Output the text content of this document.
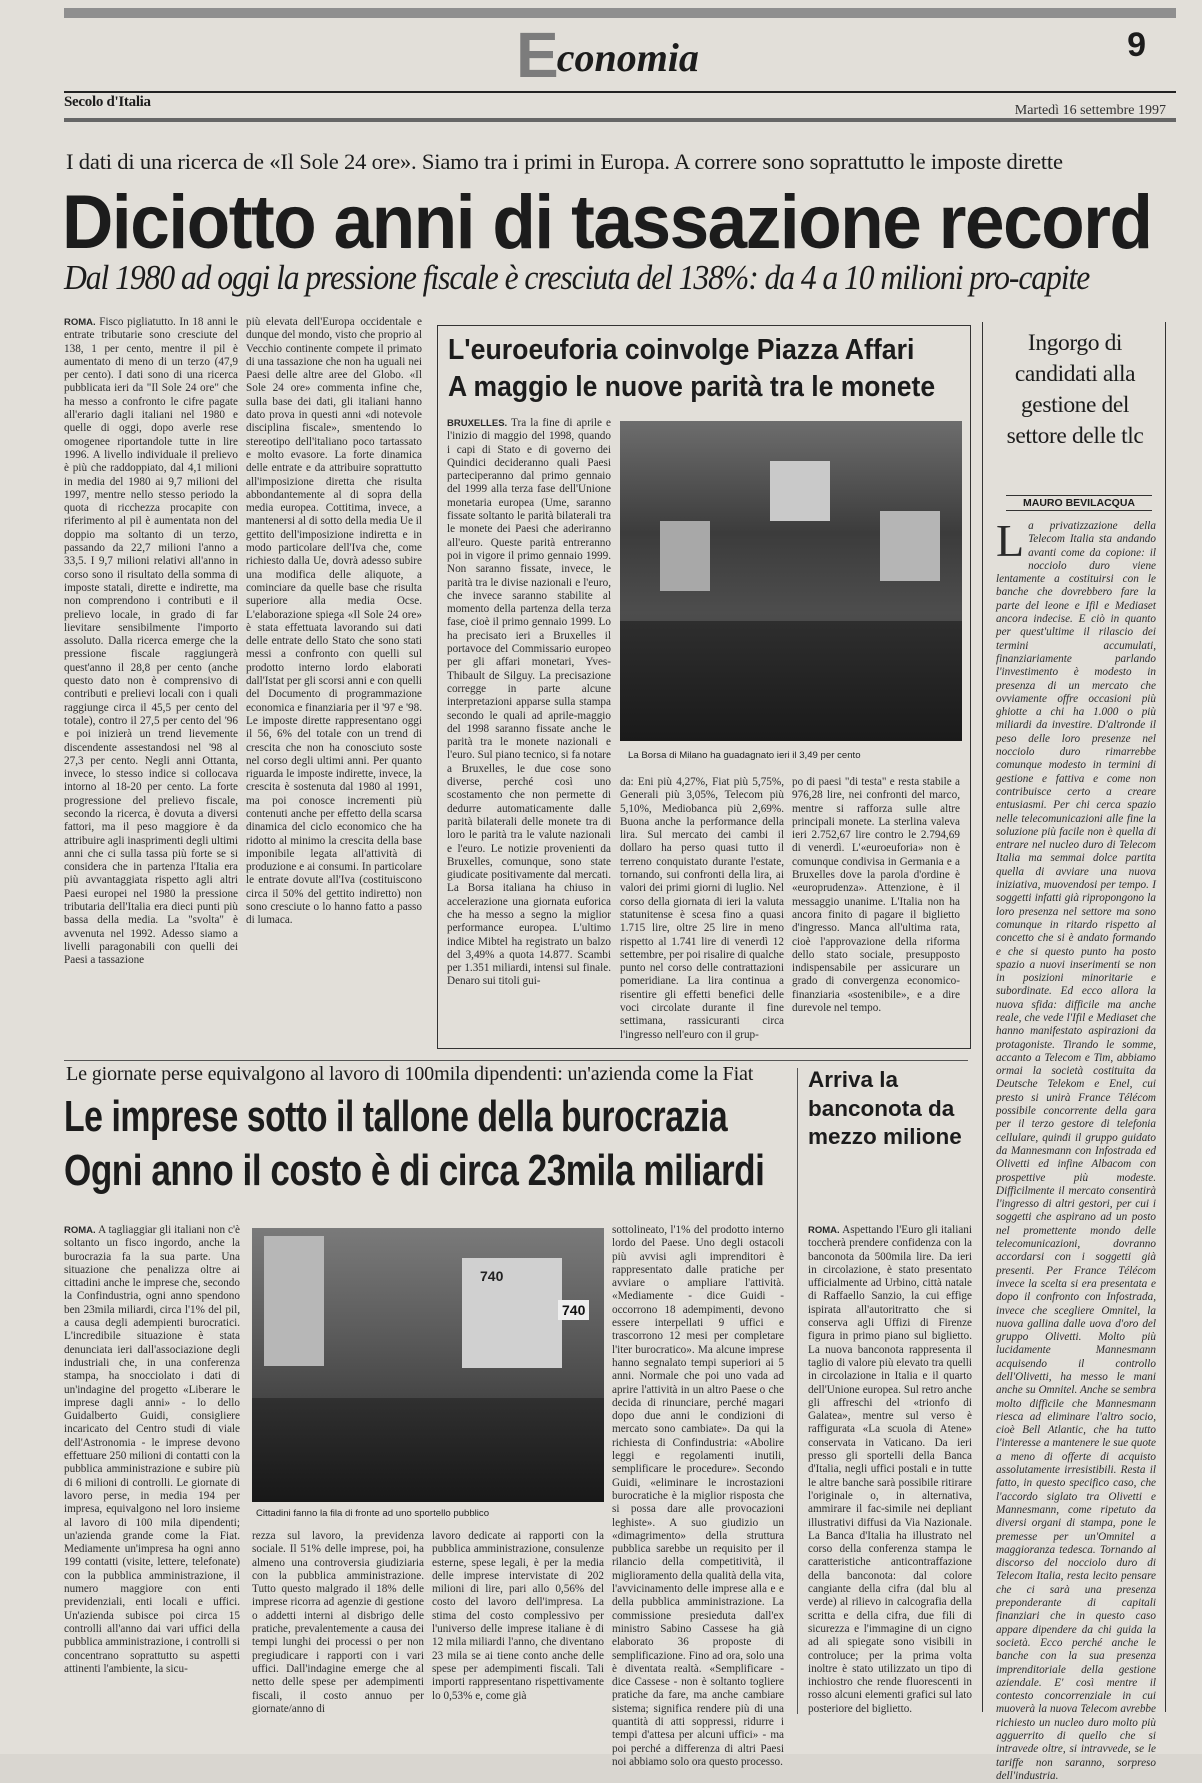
Economia	9
Secolo d'Italia
Martedì 16 settembre 1997
I dati di una ricerca de «Il Sole 24 ore». Siamo tra i primi in Europa. A correre sono soprattutto le imposte dirette
Diciotto anni di tassazione record
Dal 1980 ad oggi la pressione fiscale è cresciuta del 138%: da 4 a 10 milioni pro-capite

ROMA. Fisco pigliatutto. In 18 anni le entrate tributarie sono cresciute del 138, 1 per cento, mentre il pil è aumentato di meno di un terzo (47,9 per cento). I dati sono di una ricerca pubblicata ieri da "Il Sole 24 ore" che ha messo a confronto le cifre pagate all'erario dagli italiani nel 1980 e quelle di oggi, dopo averle rese omogenee riportandole tutte in lire 1996. A livello individuale il prelievo è più che raddoppiato, dal 4,1 milioni in media del 1980 ai 9,7 milioni del 1997, mentre nello stesso periodo la quota di ricchezza procapite con riferimento al pil è aumentata non del doppio ma soltanto di un terzo, passando da 22,7 milioni l'anno a 33,5. I 9,7 milioni relativi all'anno in corso sono il risultato della somma di imposte statali, dirette e indirette, ma non comprendono i contributi e il prelievo locale, in grado di far lievitare sensibilmente l'importo assoluto. Dalla ricerca emerge che la pressione fiscale raggiungerà quest'anno il 28,8 per cento (anche questo dato non è comprensivo di contributi e prelievi locali con i quali raggiunge circa il 45,5 per cento del totale), contro il 27,5 per cento del '96 e poi inizierà un trend lievemente discendente assestandosi nel '98 al 27,3 per cento. Negli anni Ottanta, invece, lo stesso indice si collocava intorno al 18-20 per cento. La forte progressione del prelievo fiscale, secondo la ricerca, è dovuta a diversi fattori, ma il peso maggiore è da attribuire agli inasprimenti degli ultimi anni che ci sulla tassa più forte se si considera che in partenza l'Italia era più avvantaggiata rispetto agli altri Paesi europei nel 1980 la pressione tributaria dell'Italia era dieci punti più bassa della media. La "svolta" è avvenuta nel 1992. Adesso siamo a livelli paragonabili con quelli dei Paesi a tassazione

più elevata dell'Europa occidentale e dunque del mondo, visto che proprio al Vecchio continente compete il primato di una tassazione che non ha uguali nei Paesi delle altre aree del Globo. «Il Sole 24 ore» commenta infine che, sulla base dei dati, gli italiani hanno dato prova in questi anni «di notevole disciplina fiscale», smentendo lo stereotipo dell'italiano poco tartassato e molto evasore. La forte dinamica delle entrate e da attribuire soprattutto all'imposizione diretta che risulta abbondantemente al di sopra della media europea. Cottitima, invece, a mantenersi al di sotto della media Ue il gettito dell'imposizione indiretta e in modo particolare dell'Iva che, come richiesto dalla Ue, dovrà adesso subire una modifica delle aliquote, a cominciare da quelle base che risulta superiore alla media Ocse. L'elaborazione spiega «Il Sole 24 ore» è stata effettuata lavorando sui dati delle entrate dello Stato che sono stati messi a confronto con quelli sul prodotto interno lordo elaborati dall'Istat per gli scorsi anni e con quelli del Documento di programmazione economica e finanziaria per il '97 e '98. Le imposte dirette rappresentano oggi il 56, 6% del totale con un trend di crescita che non ha conosciuto soste nel corso degli ultimi anni. Per quanto riguarda le imposte indirette, invece, la crescita è sostenuta dal 1980 al 1991, ma poi conosce incrementi più contenuti anche per effetto della scarsa dinamica del ciclo economico che ha ridotto al minimo la crescita della base imponibile legata all'attività di produzione e ai consumi. In particolare le entrate dovute all'Iva (costituiscono circa il 50% del gettito indiretto) non sono cresciute o lo hanno fatto a passo di lumaca.

L'euroeuforia coinvolge Piazza Affari
A maggio le nuove parità tra le monete

BRUXELLES. Tra la fine di aprile e l'inizio di maggio del 1998, quando i capi di Stato e di governo dei Quindici decideranno quali Paesi parteciperanno dal primo gennaio del 1999 alla terza fase dell'Unione monetaria europea (Ume, saranno fissate soltanto le parità bilaterali tra le monete dei Paesi che aderiranno all'euro. Queste parità entreranno poi in vigore il primo gennaio 1999. Non saranno fissate, invece, le parità tra le divise nazionali e l'euro, che invece saranno stabilite al momento della partenza della terza fase, cioè il primo gennaio 1999. Lo ha precisato ieri a Bruxelles il portavoce del Commissario europeo per gli affari monetari, Yves-Thibault de Silguy. La precisazione corregge in parte alcune interpretazioni apparse sulla stampa secondo le quali ad aprile-maggio del 1998 saranno fissate anche le parità tra le monete nazionali e l'euro. Sul piano tecnico, si fa notare a Bruxelles, le due cose sono diverse, perché così uno scostamento che non permette di dedurre automaticamente dalle parità bilaterali delle monete tra di loro le parità tra le valute nazionali e l'euro. Le notizie provenienti da Bruxelles, comunque, sono state giudicate positivamente dal mercati. La Borsa italiana ha chiuso in accelerazione una giornata euforica che ha messo a segno la miglior performance europea. L'ultimo indice Mibtel ha registrato un balzo del 3,49% a quota 14.877. Scambi per 1.351 miliardi, intensi sul finale. Denaro sui titoli gui-

La Borsa di Milano ha guadagnato ieri il 3,49 per cento

da: Eni più 4,27%, Fiat più 5,75%, Generali più 3,05%, Telecom più 5,10%, Mediobanca più 2,69%. Buona anche la performance della lira. Sul mercato dei cambi il dollaro ha perso quasi tutto il terreno conquistato durante l'estate, tornando, sui confronti della lira, ai valori dei primi giorni di luglio. Nel corso della giornata di ieri la valuta statunitense è scesa fino a quasi 1.715 lire, oltre 25 lire in meno rispetto al 1.741 lire di venerdì 12 settembre, per poi risalire di qualche punto nel corso delle contrattazioni pomeridiane. La lira continua a risentire gli effetti benefici delle voci circolate durante il fine settimana, rassicuranti circa l'ingresso nell'euro con il grup-

po di paesi "di testa" e resta stabile a 976,28 lire, nei confronti del marco, mentre si rafforza sulle altre principali monete. La sterlina valeva ieri 2.752,67 lire contro le 2.794,69 di venerdì. L'«euroeuforia» non è comunque condivisa in Germania e a Bruxelles dove la parola d'ordine è «europrudenza». Attenzione, è il messaggio unanime. L'Italia non ha ancora finito di pagare il biglietto d'ingresso. Manca all'ultima rata, cioè l'approvazione della riforma dello stato sociale, presupposto indispensabile per assicurare un grado di convergenza economico-finanziaria «sostenibile», e a dire durevole nel tempo.

Ingorgo di candidati alla gestione del settore delle tlc
MAURO BEVILACQUA

La privatizzazione della Telecom Italia sta andando avanti come da copione: il nocciolo duro viene lentamente a costituirsi con le banche che dovrebbero fare la parte del leone e Ifil e Mediaset ancora indecise. E ciò in quanto per quest'ultime il rilascio dei termini accumulati, finanziariamente parlando l'investimento è modesto in presenza di un mercato che ovviamente offre occasioni più ghiotte a chi ha 1.000 o più miliardi da investire. D'altronde il peso delle loro presenze nel nocciolo duro rimarrebbe comunque modesto in termini di gestione e fattiva e come non contribuisce certo a creare entusiasmi. Per chi cerca spazio nelle telecomunicazioni alle fine la soluzione più facile non è quella di entrare nel nucleo duro di Telecom Italia ma semmai dolce partita quella di avviare una nuova iniziativa, muovendosi per tempo. I soggetti infatti già ripropongono la loro presenza nel settore ma sono comunque in ritardo rispetto al concetto che si è andato formando e che si questo punto ha posto spazio a nuovi inserimenti se non in posizioni minoritarie e subordinate. Ed ecco allora la nuova sfida: difficile ma anche reale, che vede l'Ifil e Mediaset che hanno manifestato aspirazioni da protagoniste. Tirando le somme, accanto a Telecom e Tim, abbiamo ormai la società costituita da Deutsche Telekom e Enel, cui presto si unirà France Télécom possibile concorrente della gara per il terzo gestore di telefonia cellulare, quindi il gruppo guidato da Mannesmann con Infostrada ed Olivetti ed infine Albacom con prospettive più modeste. Difficilmente il mercato consentirà l'ingresso di altri gestori, per cui i soggetti che aspirano ad un posto nel promettente mondo delle telecomunicazioni, dovranno accordarsi con i soggetti già presenti. Per France Télécom invece la scelta si era presentata e dopo il confronto con Infostrada, invece che scegliere Omnitel, la nuova gallina dalle uova d'oro del gruppo Olivetti. Molto più lucidamente Mannesmann acquisendo il controllo dell'Olivetti, ha messo le mani anche su Omnitel. Anche se sembra molto difficile che Mannesmann riesca ad eliminare l'altro socio, cioè Bell Atlantic, che ha tutto l'interesse a mantenere le sue quote a meno di offerte di acquisto assolutamente irresistibili. Resta il fatto, in questo specifico caso, che l'accordo siglato tra Olivetti e Mannesmann, come ripetuto da diversi organi di stampa, pone le premesse per un'Omnitel a maggioranza tedesca. Tornando al discorso del nocciolo duro di Telecom Italia, resta lecito pensare che ci sarà una presenza preponderante di capitali finanziari che in questo caso appare dipendere da chi guida la società. Ecco perché anche le banche con la sua presenza imprenditoriale della gestione aziendale. E' così mentre il contesto concorrenziale in cui muoverà la nuova Telecom avrebbe richiesto un nucleo duro molto più agguerrito di quello che si intravede oltre, si intravvede, se le tariffe non saranno, sorpreso dell'industria.

Le giornate perse equivalgono al lavoro di 100mila dipendenti: un'azienda come la Fiat
Le imprese sotto il tallone della burocrazia
Ogni anno il costo è di circa 23mila miliardi

ROMA. A tagliaggiar gli italiani non c'è soltanto un fisco ingordo, anche la burocrazia fa la sua parte. Una situazione che penalizza oltre ai cittadini anche le imprese che, secondo la Confindustria, ogni anno spendono ben 23mila miliardi, circa l'1% del pil, a causa degli adempienti burocratici. L'incredibile situazione è stata denunciata ieri dall'associazione degli industriali che, in una conferenza stampa, ha snocciolato i dati di un'indagine del progetto «Liberare le imprese dagli anni» - lo dello Guidalberto Guidi, consigliere incaricato del Centro studi di viale dell'Astronomia - le imprese devono effettuare 250 milioni di contatti con la pubblica amministrazione e subire più di 6 milioni di controlli. Le giornate di lavoro perse, in media 194 per impresa, equivalgono nel loro insieme al lavoro di 100 mila dipendenti; un'azienda grande come la Fiat. Mediamente un'impresa ha ogni anno 199 contatti (visite, lettere, telefonate) con la pubblica amministrazione, il numero maggiore con enti previdenziali, enti locali e uffici. Un'azienda subisce poi circa 15 controlli all'anno dai vari uffici della pubblica amministrazione, i controlli si concentrano soprattutto su aspetti attinenti l'ambiente, la sicu-

740
740
Cittadini fanno la fila di fronte ad uno sportello pubblico

rezza sul lavoro, la previdenza sociale. Il 51% delle imprese, poi, ha almeno una controversia giudiziaria con la pubblica amministrazione. Tutto questo malgrado il 18% delle imprese ricorra ad agenzie di gestione o addetti interni al disbrigo delle pratiche, prevalentemente a causa dei tempi lunghi dei processi o per non pregiudicare i rapporti con i vari uffici. Dall'indagine emerge che al netto delle spese per adempimenti fiscali, il costo annuo per giornate/anno di

lavoro dedicate ai rapporti con la pubblica amministrazione, consulenze esterne, spese legali, è per la media delle imprese intervistate di 202 milioni di lire, pari allo 0,56% del costo del lavoro dell'impresa. La stima del costo complessivo per l'universo delle imprese italiane è di 12 mila miliardi l'anno, che diventano 23 mila se ai tiene conto anche delle spese per adempimenti fiscali. Tali importi rappresentano rispettivamente lo 0,53% e, come già

sottolineato, l'1% del prodotto interno lordo del Paese. Uno degli ostacoli più avvisi agli imprenditori è rappresentato dalle pratiche per avviare o ampliare l'attività. «Mediamente - dice Guidi - occorrono 18 adempimenti, devono essere interpellati 9 uffici e trascorrono 12 mesi per completare l'iter burocratico». Ma alcune imprese hanno segnalato tempi superiori ai 5 anni. Normale che poi uno vada ad aprire l'attività in un altro Paese o che decida di rinunciare, perché magari dopo due anni le condizioni di mercato sono cambiate». Da qui la richiesta di Confindustria: «Abolire leggi e regolamenti inutili, semplificare le procedure». Secondo Guidi, «eliminare le incrostazioni burocratiche è la miglior risposta che si possa dare alle provocazioni leghiste». A suo giudizio un «dimagrimento» della struttura pubblica sarebbe un requisito per il rilancio della competitività, il miglioramento della qualità della vita, l'avvicinamento delle imprese alla e e della pubblica amministrazione. La commissione presieduta dall'ex ministro Sabino Cassese ha già elaborato 36 proposte di semplificazione. Fino ad ora, solo una è diventata realtà. «Semplificare - dice Cassese - non è soltanto togliere pratiche da fare, ma anche cambiare sistema; significa rendere più di una quantità di atti soppressi, ridurre i tempi d'attesa per alcuni uffici» - ma poi perché a differenza di altri Paesi noi abbiamo solo ora questo processo.

Arriva la banconota da mezzo milione

ROMA. Aspettando l'Euro gli italiani toccherà prendere confidenza con la banconota da 500mila lire. Da ieri in circolazione, è stato presentato ufficialmente ad Urbino, città natale di Raffaello Sanzio, la cui effige ispirata all'autoritratto che si conserva agli Uffizi di Firenze figura in primo piano sul biglietto. La nuova banconota rappresenta il taglio di valore più elevato tra quelli in circolazione in Italia e il quarto dell'Unione europea. Sul retro anche gli affreschi del «trionfo di Galatea», mentre sul verso è raffigurata «La scuola di Atene» conservata in Vaticano. Da ieri presso gli sportelli della Banca d'Italia, negli uffici postali e in tutte le altre banche sarà possibile ritirare l'originale o, in alternativa, ammirare il fac-simile nei depliant illustrativi diffusi da Via Nazionale. La Banca d'Italia ha illustrato nel corso della conferenza stampa le caratteristiche anticontraffazione della banconota: dal colore cangiante della cifra (dal blu al verde) al rilievo in calcografia della scritta e della cifra, due fili di sicurezza e l'immagine di un cigno ad ali spiegate sono visibili in controluce; per la prima volta inoltre è stato utilizzato un tipo di inchiostro che rende fluorescenti in rosso alcuni elementi grafici sul lato posteriore del biglietto.
